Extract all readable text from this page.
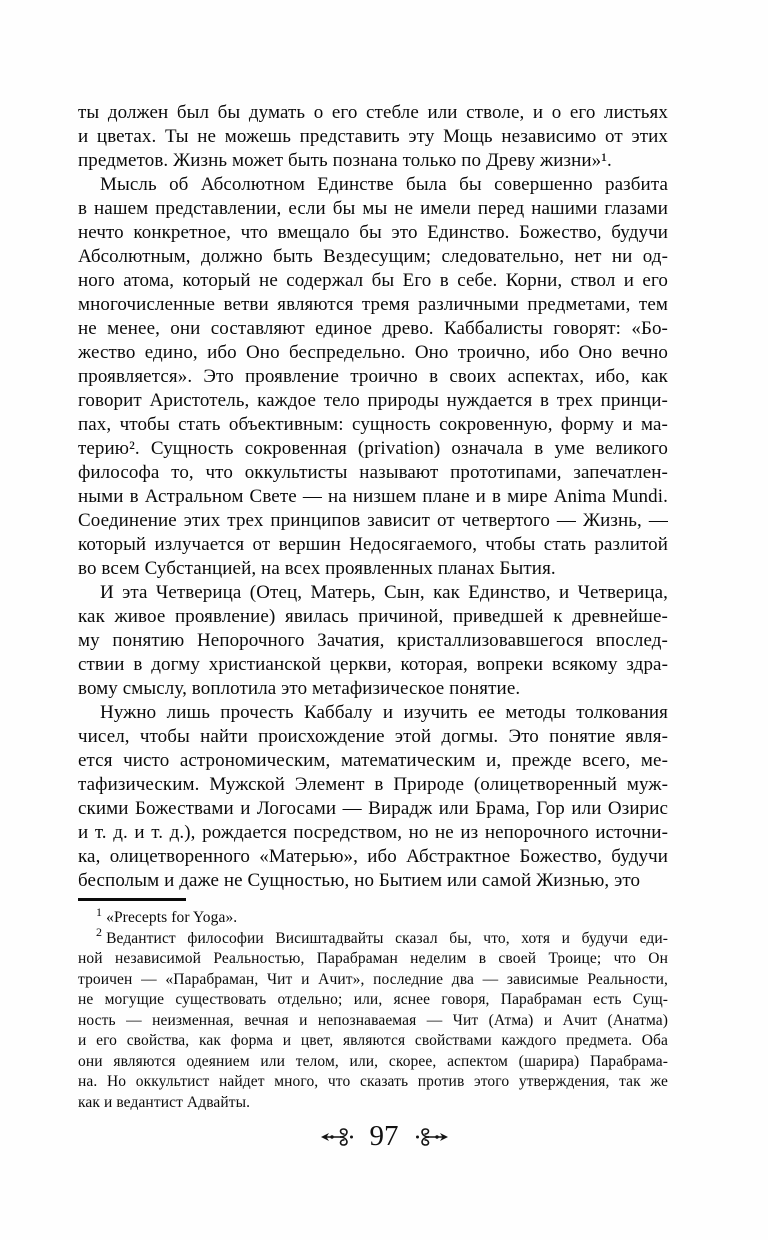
ты должен был бы думать о его стебле или стволе, и о его листьях
и цветах. Ты не можешь представить эту Мощь независимо от этих
предметов. Жизнь может быть познана только по Древу жизни»¹.
Мысль об Абсолютном Единстве была бы совершенно разбита
в нашем представлении, если бы мы не имели перед нашими глазами
нечто конкретное, что вмещало бы это Единство. Божество, будучи
Абсолютным, должно быть Вездесущим; следовательно, нет ни од-
ного атома, который не содержал бы Его в себе. Корни, ствол и его
многочисленные ветви являются тремя различными предметами, тем
не менее, они составляют единое древо. Каббалисты говорят: «Бо-
жество едино, ибо Оно беспредельно. Оно троично, ибо Оно вечно
проявляется». Это проявление троично в своих аспектах, ибо, как
говорит Аристотель, каждое тело природы нуждается в трех принци-
пах, чтобы стать объективным: сущность сокровенную, форму и ма-
терию². Сущность сокровенная (privation) означала в уме великого
философа то, что оккультисты называют прототипами, запечатлен-
ными в Астральном Свете — на низшем плане и в мире Anima Mundi.
Соединение этих трех принципов зависит от четвертого — Жизнь, —
который излучается от вершин Недосягаемого, чтобы стать разлитой
во всем Субстанцией, на всех проявленных планах Бытия.
И эта Четверица (Отец, Матерь, Сын, как Единство, и Четверица,
как живое проявление) явилась причиной, приведшей к древнейше-
му понятию Непорочного Зачатия, кристаллизовавшегося впослед-
ствии в догму христианской церкви, которая, вопреки всякому здра-
вому смыслу, воплотила это метафизическое понятие.
Нужно лишь прочесть Каббалу и изучить ее методы толкования
чисел, чтобы найти происхождение этой догмы. Это понятие явля-
ется чисто астрономическим, математическим и, прежде всего, ме-
тафизическим. Мужской Элемент в Природе (олицетворенный муж-
скими Божествами и Логосами — Вирадж или Брама, Гор или Озирис
и т. д. и т. д.), рождается посредством, но не из непорочного источни-
ка, олицетворенного «Матерью», ибо Абстрактное Божество, будучи
бесполым и даже не Сущностью, но Бытием или самой Жизнью, это
$^1$ «Precepts for Yoga».
$^2$ Ведантист философии Висиштадвайты сказал бы, что, хотя и будучи еди-
ной независимой Реальностью, Парабраман неделим в своей Троице; что Он
троичен — «Парабраман, Чит и Ачит», последние два — зависимые Реальности,
не могущие существовать отдельно; или, яснее говоря, Парабраман есть Сущ-
ность — неизменная, вечная и непознаваемая — Чит (Атма) и Ачит (Анатма)
и его свойства, как форма и цвет, являются свойствами каждого предмета. Оба
они являются одеянием или телом, или, скорее, аспектом (шарира) Парабрама-
на. Но оккультист найдет много, что сказать против этого утверждения, так же
как и ведантист Адвайты.
97
